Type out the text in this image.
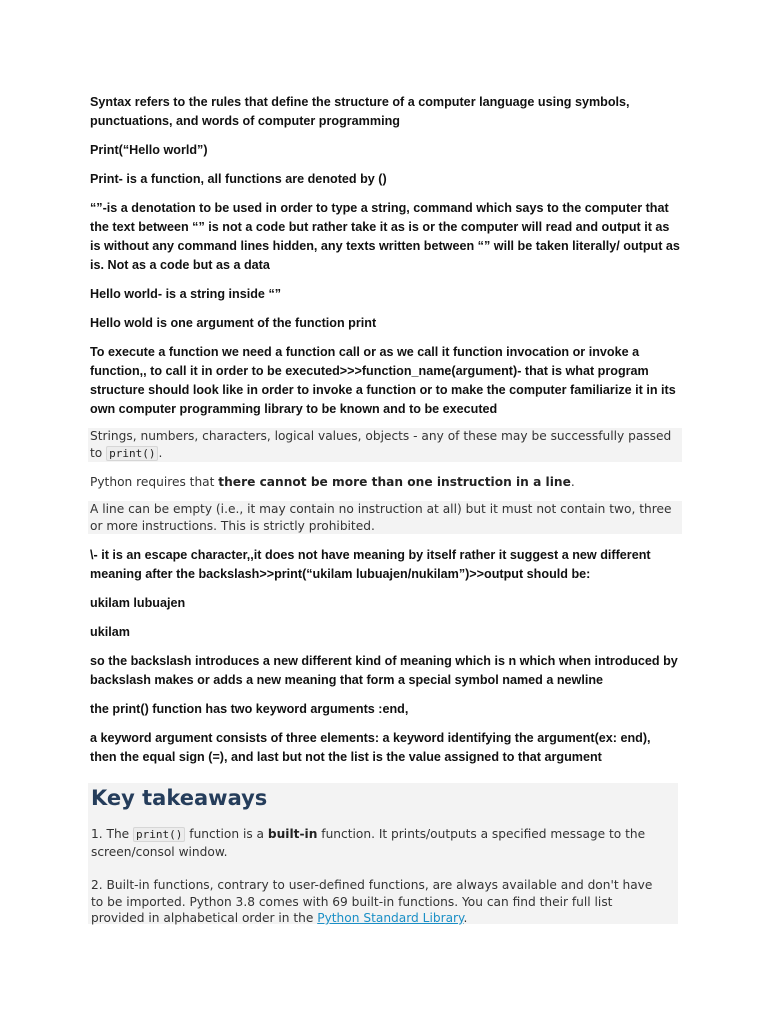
Syntax refers to the rules that define the structure of a computer language using symbols, punctuations, and words of computer programming

Print(“Hello world”)

Print- is a function, all functions are denoted by ()

“”-is a denotation to be used in order to type a string, command which says to the computer that the text between “” is not a code but rather take it as is or the computer will read and output it as is without any command lines hidden, any texts written between “” will be taken literally/ output as is. Not as a code but as a data

Hello world- is a string inside “”

Hello wold is one argument of the function print

To execute a function we need a function call or as we call it function invocation or invoke a function,, to call it in order to be executed>>>function_name(argument)- that is what program structure should look like in order to invoke a function or to make the computer familiarize it in its own computer programming library to be known and to be executed

Strings, numbers, characters, logical values, objects - any of these may be successfully passed to print() .

Python requires that there cannot be more than one instruction in a line.

A line can be empty (i.e., it may contain no instruction at all) but it must not contain two, three or more instructions. This is strictly prohibited.

\- it is an escape character,,it does not have meaning by itself rather it suggest a new different meaning after the backslash>>print(“ukilam lubuajen/nukilam”)>>output should be:

ukilam lubuajen

ukilam

so the backslash introduces a new different kind of meaning which is n which when introduced by backslash makes or adds a new meaning that form a special symbol named a newline

the print() function has two keyword arguments :end,

a keyword argument consists of three elements: a keyword identifying the argument(ex: end), then the equal sign (=), and last but not the list is the value assigned to that argument

Key takeaways

1. The print() function is a built-in function. It prints/outputs a specified message to the screen/consol window.

2. Built-in functions, contrary to user-defined functions, are always available and don't have to be imported. Python 3.8 comes with 69 built-in functions. You can find their full list provided in alphabetical order in the Python Standard Library.
